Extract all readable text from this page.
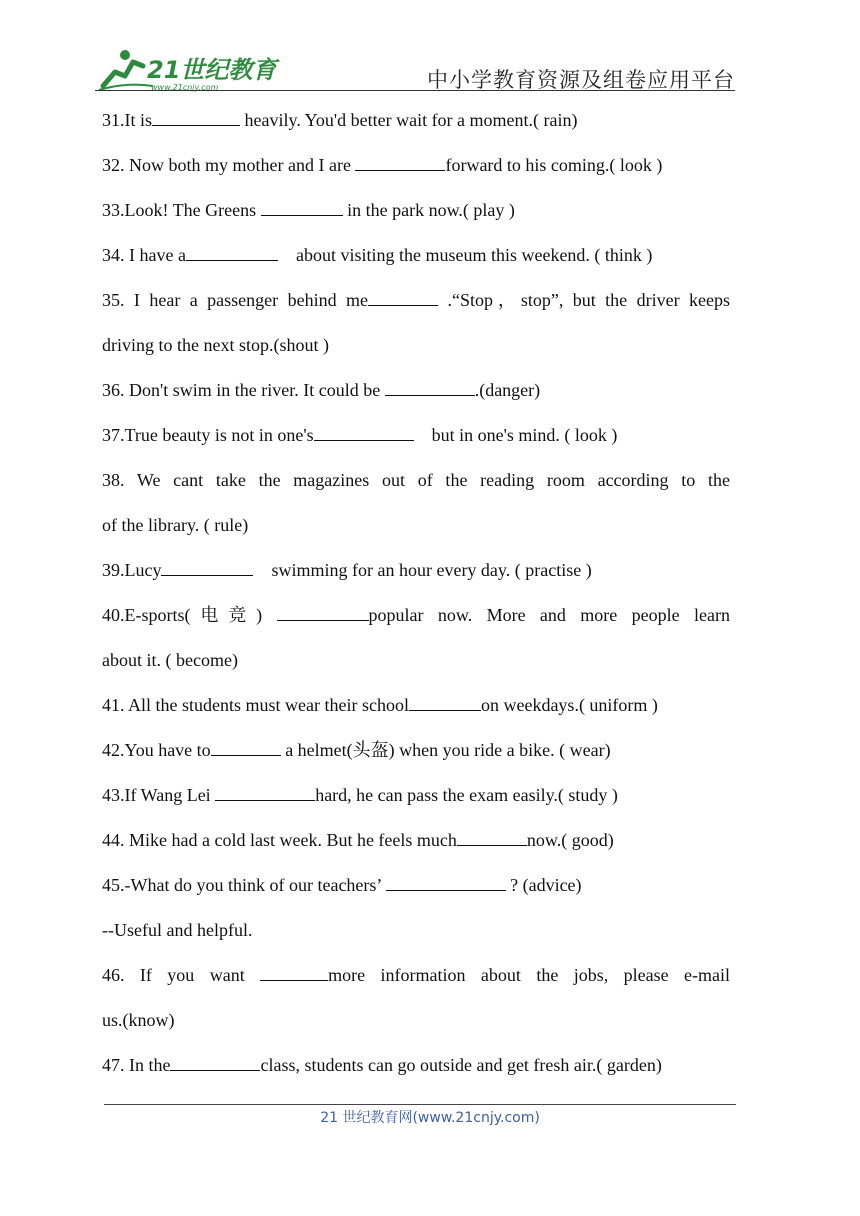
21世纪教育
www.21cnjy.com	中小学教育资源及组卷应用平台
31.It is	heavily. You'd better wait for a moment.( rain)
32. Now both my mother and I are	forward to his coming.( look )
33.Look! The Greens	in the park now.( play )
34. I have a	about visiting the museum this weekend. ( think )
35. I hear a passenger behind me	.“Stop，stop”, but the driver keeps
driving to the next stop.(shout )
36. Don't swim in the river. It could be	.(danger)
37.True beauty is not in one's	but in one's mind. ( look )
38. We cant take the magazines out of the reading room according to the
of the library. ( rule)
39.Lucy	swimming for an hour every day. ( practise )
40.E-sports(电竞)	popular now. More and more people learn
about it. ( become)
41. All the students must wear their school	on weekdays.( uniform )
42.You have to	a helmet(头盔) when you ride a bike. ( wear)
43.If Wang Lei	hard, he can pass the exam easily.( study )
44. Mike had a cold last week. But he feels much	now.( good)
45.-What do you think of our teachers’	? (advice)
--Useful and helpful.
46. If you want	more information about the jobs, please e-mail
us.(know)
47. In the	class, students can go outside and get fresh air.( garden)
21 世纪教育网(www.21cnjy.com)
